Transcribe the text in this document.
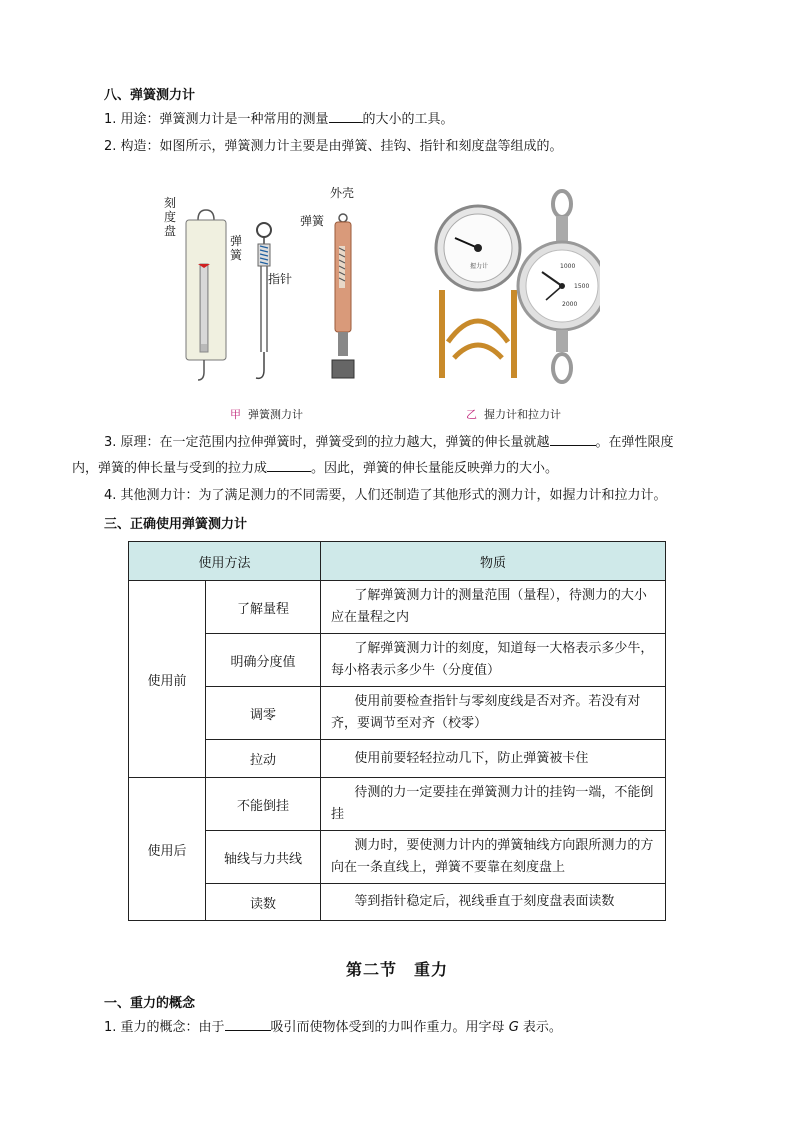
八、弹簧测力计
1. 用途：弹簧测力计是一种常用的测量	的大小的工具。
2. 构造：如图所示，弹簧测力计主要是由弹簧、挂钩、指针和刻度盘等组成的。
握力计	1000
1500
2000
刻度盘
弹簧
指针
外壳
弹簧
甲 弹簧测力计	乙 握力计和拉力计
3. 原理：在一定范围内拉伸弹簧时，弹簧受到的拉力越大，弹簧的伸长量就越	。在弹性限度
内，弹簧的伸长量与受到的拉力成	。因此，弹簧的伸长量能反映弹力的大小。
4. 其他测力计：为了满足测力的不同需要，人们还制造了其他形式的测力计，如握力计和拉力计。
三、正确使用弹簧测力计
使用方法		物质
使用前	了解量程	了解弹簧测力计的测量范围（量程），待测力的大小应在量程之内
	明确分度值	了解弹簧测力计的刻度，知道每一大格表示多少牛，每小格表示多少牛（分度值）
	调零	使用前要检查指针与零刻度线是否对齐。若没有对齐，要调节至对齐（校零）
	拉动	使用前要轻轻拉动几下，防止弹簧被卡住
使用后	不能倒挂	待测的力一定要挂在弹簧测力计的挂钩一端，不能倒挂
	轴线与力共线	测力时，要使测力计内的弹簧轴线方向跟所测力的方向在一条直线上，弹簧不要靠在刻度盘上
	读数	等到指针稳定后，视线垂直于刻度盘表面读数
第二节　重力
一、重力的概念
1. 重力的概念：由于	吸引而使物体受到的力叫作重力。用字母 G 表示。
